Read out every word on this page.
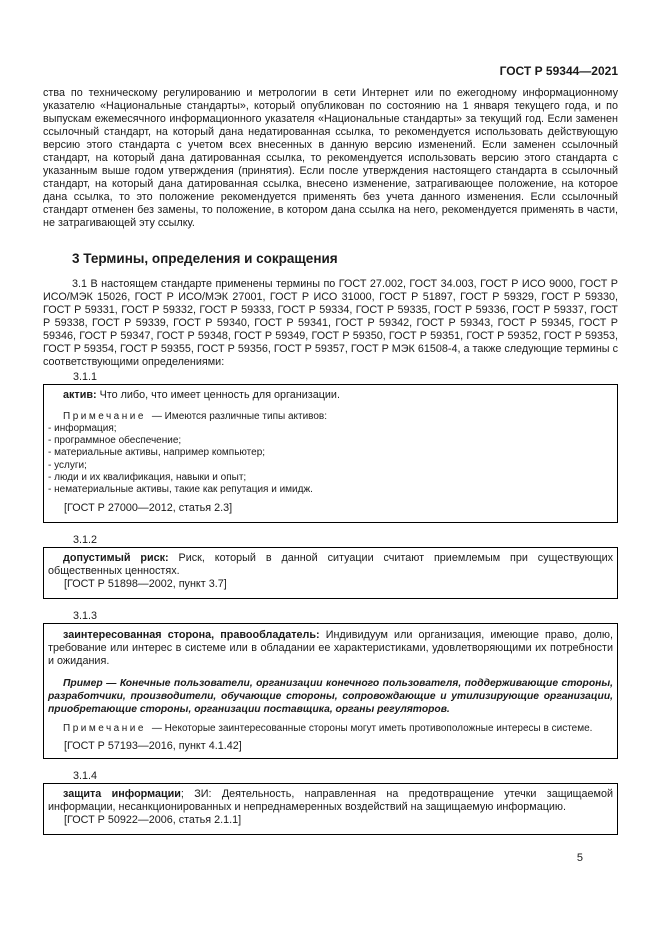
ГОСТ Р 59344—2021

ства по техническому регулированию и метрологии в сети Интернет или по ежегодному информационному указателю «Национальные стандарты», который опубликован по состоянию на 1 января текущего года, и по выпускам ежемесячного информационного указателя «Национальные стандарты» за текущий год. Если заменен ссылочный стандарт, на который дана недатированная ссылка, то рекомендуется использовать действующую версию этого стандарта с учетом всех внесенных в данную версию изменений. Если заменен ссылочный стандарт, на который дана датированная ссылка, то рекомендуется использовать версию этого стандарта с указанным выше годом утверждения (принятия). Если после утверждения настоящего стандарта в ссылочный стандарт, на который дана датированная ссылка, внесено изменение, затрагивающее положение, на которое дана ссылка, то это положение рекомендуется применять без учета данного изменения. Если ссылочный стандарт отменен без замены, то положение, в котором дана ссылка на него, рекомендуется применять в части, не затрагивающей эту ссылку.

3 Термины, определения и сокращения

3.1 В настоящем стандарте применены термины по ГОСТ 27.002, ГОСТ 34.003, ГОСТ Р ИСО 9000, ГОСТ Р ИСО/МЭК 15026, ГОСТ Р ИСО/МЭК 27001, ГОСТ Р ИСО 31000, ГОСТ Р 51897, ГОСТ Р 59329, ГОСТ Р 59330, ГОСТ Р 59331, ГОСТ Р 59332, ГОСТ Р 59333, ГОСТ Р 59334, ГОСТ Р 59335, ГОСТ Р 59336, ГОСТ Р 59337, ГОСТ Р 59338, ГОСТ Р 59339, ГОСТ Р 59340, ГОСТ Р 59341, ГОСТ Р 59342, ГОСТ Р 59343, ГОСТ Р 59345, ГОСТ Р 59346, ГОСТ Р 59347, ГОСТ Р 59348, ГОСТ Р 59349, ГОСТ Р 59350, ГОСТ Р 59351, ГОСТ Р 59352, ГОСТ Р 59353, ГОСТ Р 59354, ГОСТ Р 59355, ГОСТ Р 59356, ГОСТ Р 59357, ГОСТ Р МЭК 61508-4, а также следующие термины с соответствующими определениями:

3.1.1

актив: Что либо, что имеет ценность для организации.

Примечание — Имеются различные типы активов:

- информация;
- программное обеспечение;
- материальные активы, например компьютер;
- услуги;
- люди и их квалификация, навыки и опыт;
- нематериальные активы, такие как репутация и имидж.

[ГОСТ Р 27000—2012, статья 2.3]

3.1.2

допустимый риск: Риск, который в данной ситуации считают приемлемым при существующих общественных ценностях.

[ГОСТ Р 51898—2002, пункт 3.7]

3.1.3

заинтересованная сторона, правообладатель: Индивидуум или организация, имеющие право, долю, требование или интерес в системе или в обладании ее характеристиками, удовлетворяющими их потребности и ожидания.

Пример — Конечные пользователи, организации конечного пользователя, поддерживающие стороны, разработчики, производители, обучающие стороны, сопровождающие и утилизирующие организации, приобретающие стороны, организации поставщика, органы регуляторов.

Примечание — Некоторые заинтересованные стороны могут иметь противоположные интересы в системе.

[ГОСТ Р 57193—2016, пункт 4.1.42]

3.1.4

защита информации; ЗИ: Деятельность, направленная на предотвращение утечки защищаемой информации, несанкционированных и непреднамеренных воздействий на защищаемую информацию.

[ГОСТ Р 50922—2006, статья 2.1.1]

5
